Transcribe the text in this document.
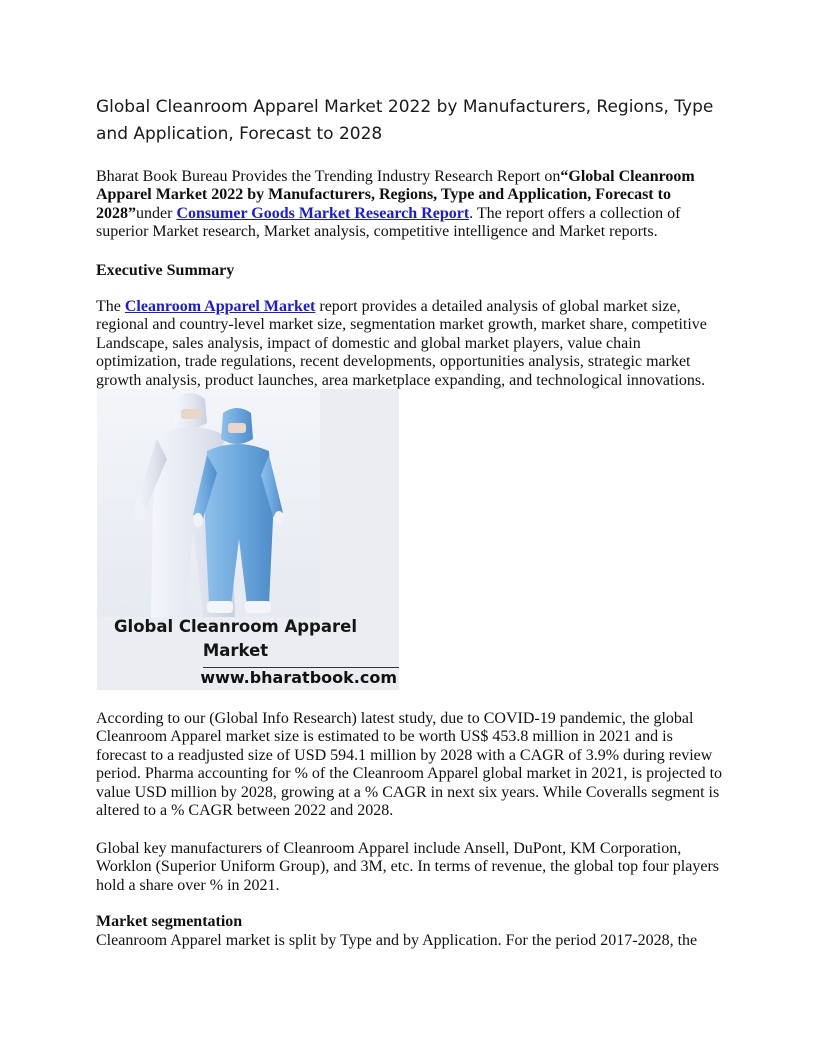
Global Cleanroom Apparel Market 2022 by Manufacturers, Regions, Type and Application, Forecast to 2028

Bharat Book Bureau Provides the Trending Industry Research Report on“Global Cleanroom Apparel Market 2022 by Manufacturers, Regions, Type and Application, Forecast to 2028”under Consumer Goods Market Research Report. The report offers a collection of superior Market research, Market analysis, competitive intelligence and Market reports.

Executive Summary

The Cleanroom Apparel Market report provides a detailed analysis of global market size, regional and country-level market size, segmentation market growth, market share, competitive Landscape, sales analysis, impact of domestic and global market players, value chain optimization, trade regulations, recent developments, opportunities analysis, strategic market growth analysis, product launches, area marketplace expanding, and technological innovations.

Global Cleanroom Apparel
Market
www.bharatbook.com

According to our (Global Info Research) latest study, due to COVID-19 pandemic, the global Cleanroom Apparel market size is estimated to be worth US$ 453.8 million in 2021 and is forecast to a readjusted size of USD 594.1 million by 2028 with a CAGR of 3.9% during review period. Pharma accounting for % of the Cleanroom Apparel global market in 2021, is projected to value USD million by 2028, growing at a % CAGR in next six years. While Coveralls segment is altered to a % CAGR between 2022 and 2028.

Global key manufacturers of Cleanroom Apparel include Ansell, DuPont, KM Corporation, Worklon (Superior Uniform Group), and 3M, etc. In terms of revenue, the global top four players hold a share over % in 2021.

Market segmentation

Cleanroom Apparel market is split by Type and by Application. For the period 2017-2028, the
